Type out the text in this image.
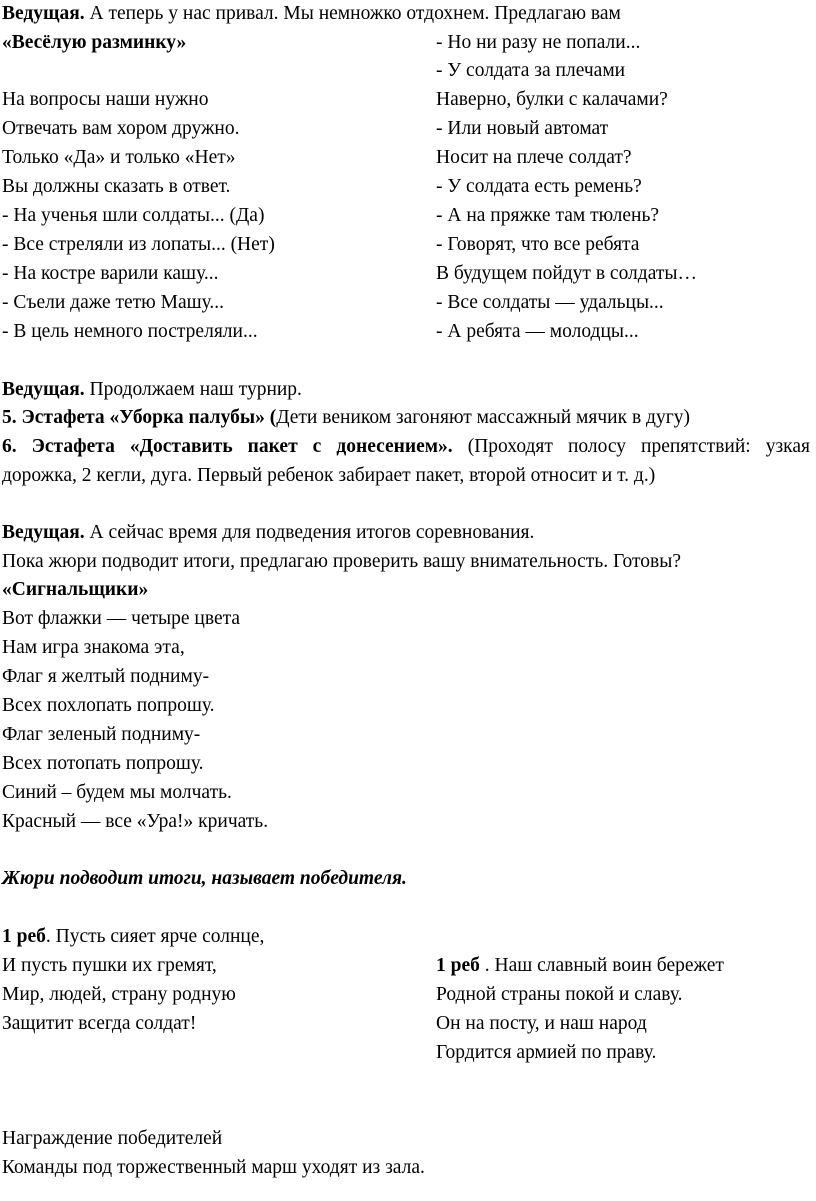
Ведущая. А теперь у нас привал. Мы немножко отдохнем. Предлагаю вам
«Весёлую разминку»
На вопросы наши нужно
Отвечать вам хором дружно.
Только «Да» и только «Нет»
Вы должны сказать в ответ.
- На ученья шли солдаты... (Да)
- Все стреляли из лопаты... (Нет)
- На костре варили кашу...
- Съели даже тетю Машу...
- В цель немного постреляли...
- Но ни разу не попали...
- У солдата за плечами
Наверно, булки с калачами?
- Или новый автомат
Носит на плече солдат?
- У солдата есть ремень?
- А на пряжке там тюлень?
- Говорят, что все ребята
В будущем пойдут в солдаты…
- Все солдаты — удальцы...
- А ребята — молодцы...
Ведущая. Продолжаем наш турнир.
5. Эстафета «Уборка палубы» (Дети веником загоняют массажный мячик в дугу)
6. Эстафета «Доставить пакет с донесением». (Проходят полосу препятствий: узкая
дорожка, 2 кегли, дуга. Первый ребенок забирает пакет, второй относит и т. д.)
Ведущая. А сейчас время для подведения итогов соревнования.
Пока жюри подводит итоги, предлагаю проверить вашу внимательность. Готовы?
«Сигнальщики»
Вот флажки — четыре цвета
Нам игра знакома эта,
Флаг я желтый подниму-
Всех похлопать попрошу.
Флаг зеленый подниму-
Всех потопать попрошу.
Синий – будем мы молчать.
Красный — все «Ура!» кричать.
Жюри подводит итоги, называет победителя.
1 реб. Пусть сияет ярче солнце,
И пусть пушки их гремят,
Мир, людей, страну родную
Защитит всегда солдат!
1 реб . Наш славный воин бережет
Родной страны покой и славу.
Он на посту, и наш народ
Гордится армией по праву.
Награждение победителей
Команды под торжественный марш уходят из зала.
